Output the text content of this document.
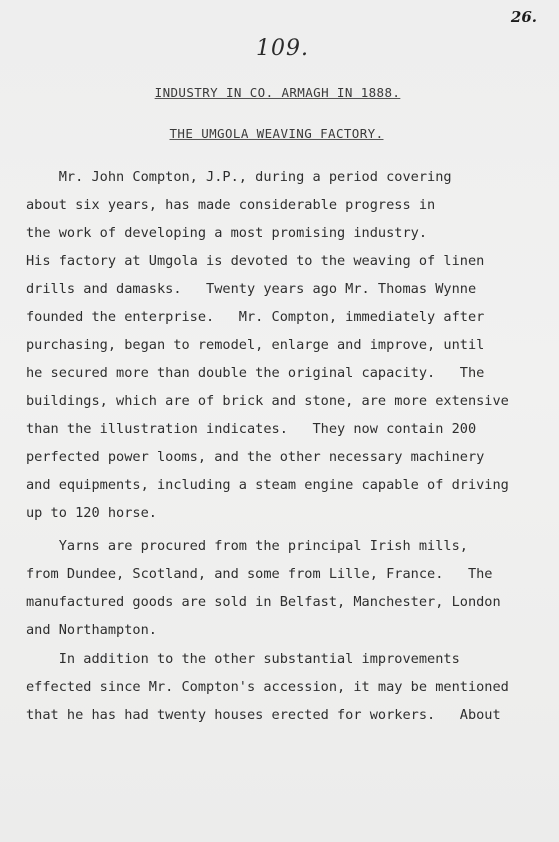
26.
109.
INDUSTRY IN CO. ARMAGH IN 1888.
THE UMGOLA WEAVING FACTORY.
Mr. John Compton, J.P., during a period covering
about six years, has made considerable progress in
the work of developing a most promising industry.
His factory at Umgola is devoted to the weaving of linen
drills and damasks.   Twenty years ago Mr. Thomas Wynne
founded the enterprise.   Mr. Compton, immediately after
purchasing, began to remodel, enlarge and improve, until
he secured more than double the original capacity.   The
buildings, which are of brick and stone, are more extensive
than the illustration indicates.   They now contain 200
perfected power looms, and the other necessary machinery
and equipments, including a steam engine capable of driving
up to 120 horse.
Yarns are procured from the principal Irish mills,
from Dundee, Scotland, and some from Lille, France.   The
manufactured goods are sold in Belfast, Manchester, London
and Northampton.
In addition to the other substantial improvements
effected since Mr. Compton's accession, it may be mentioned
that he has had twenty houses erected for workers.   About
